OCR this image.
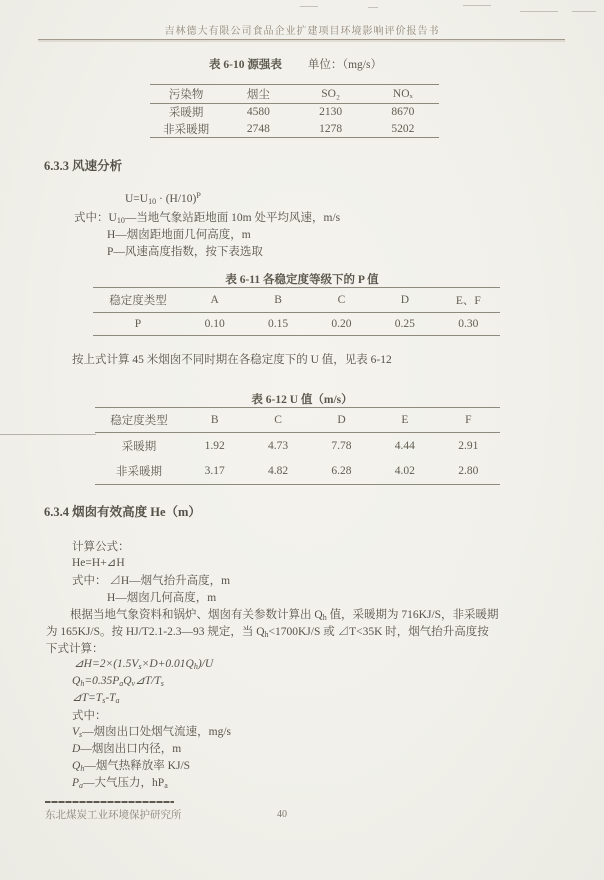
吉林德大有限公司食品企业扩建项目环境影响评价报告书
表 6-10 源强表 单位：（mg/s）
污染物	烟尘	SO₂	NOₓ
采暖期	4580	2130	8670
非采暖期	2748	1278	5202
6.3.3 风速分析
$U=U_{10} \cdot (H/10)^P$
式中：$U_{10}—$当地气象站距地面 10m 处平均风速，m/s
H—烟囱距地面几何高度，m
P—风速高度指数，按下表选取
表 6-11 各稳定度等级下的 P 值
稳定度类型	A	B	C	D	E、F
P	0.10	0.15	0.20	0.25	0.30
按上式计算 45 米烟囱不同时期在各稳定度下的 U 值，见表 6-12
表 6-12 U 值（m/s）
稳定度类型	B	C	D	E	F
采暖期	1.92	4.73	7.78	4.44	2.91
非采暖期	3.17	4.82	6.28	4.02	2.80
6.3.4 烟囱有效高度 He（m）
计算公式：
He=H+⊿H
式中： ⊿H—烟气抬升高度，m
H—烟囱几何高度，m
根据当地气象资料和锅炉、烟囱有关参数计算出 $Q_h$ 值，采暖期为 716KJ/S，非采暖期
为 165KJ/S。按 HJ/T2.1-2.3—93 规定，当 $Q_h<1700KJ/S$ 或 ⊿T<35K 时，烟气抬升高度按
下式计算：
$⊿H=2\times(1.5V_s\times D+0.01Q_h)/U$
$Q_h=0.35P_aQ_v⊿T/T_s$
$⊿T=T_s-T_a$
式中：
$V_s—$烟囱出口处烟气流速，mg/s
D—烟囱出口内径，m
$Q_h—$烟气热释放率 KJ/S
$P_a—$大气压力，$hP_a$
东北煤炭工业环境保护研究所	40
